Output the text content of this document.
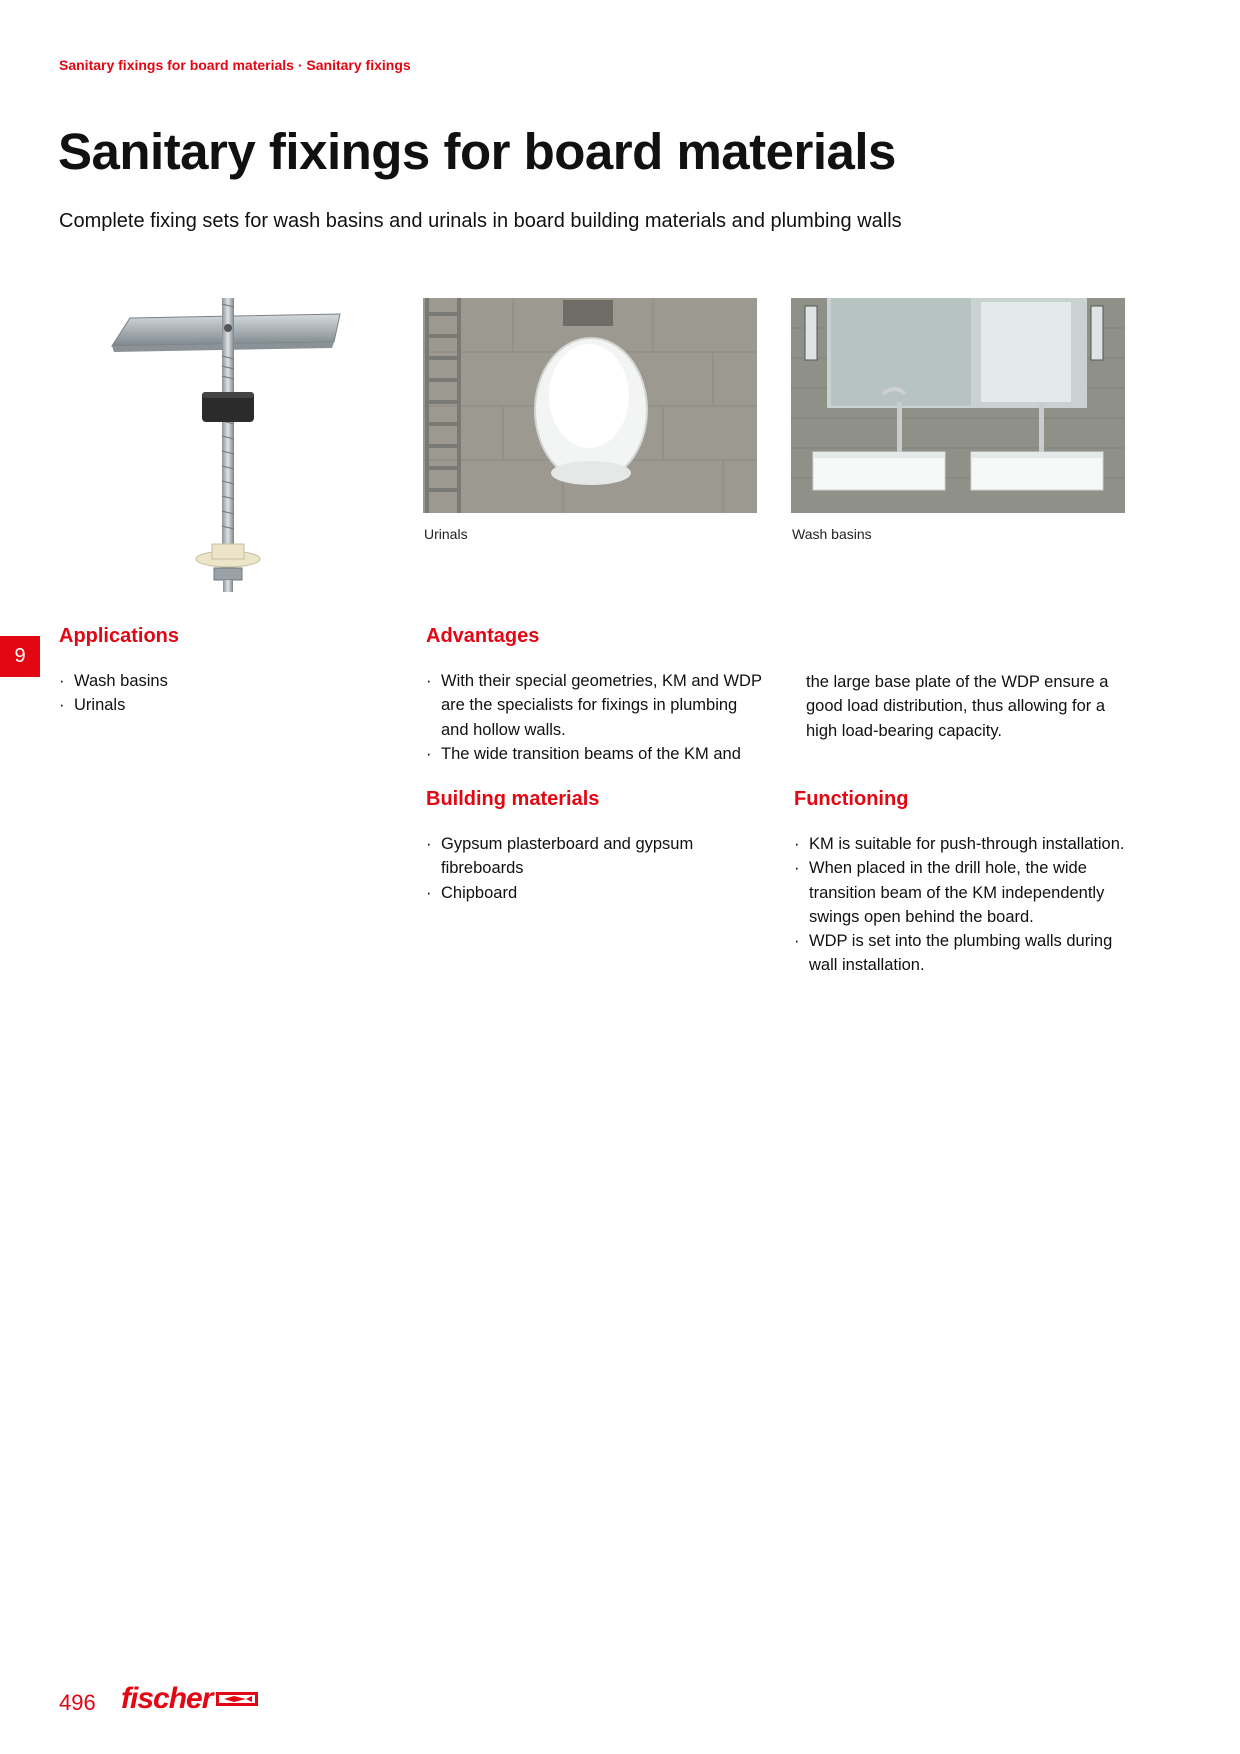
Sanitary fixings for board materials · Sanitary fixings
Sanitary fixings for board materials
Complete fixing sets for wash basins and urinals in board building materials and plumbing walls
Urinals	Wash basins
9
Applications
· Wash basins
· Urinals
Advantages
· With their special geometries, KM and WDP are the specialists for fixings in plumbing and hollow walls.
· The wide transition beams of the KM and
the large base plate of the WDP ensure a good load distribution, thus allowing for a high load-bearing capacity.
Building materials
· Gypsum plasterboard and gypsum fibreboards
· Chipboard
Functioning
· KM is suitable for push-through installation.
· When placed in the drill hole, the wide transition beam of the KM independently swings open behind the board.
· WDP is set into the plumbing walls during wall installation.
496 fischer
